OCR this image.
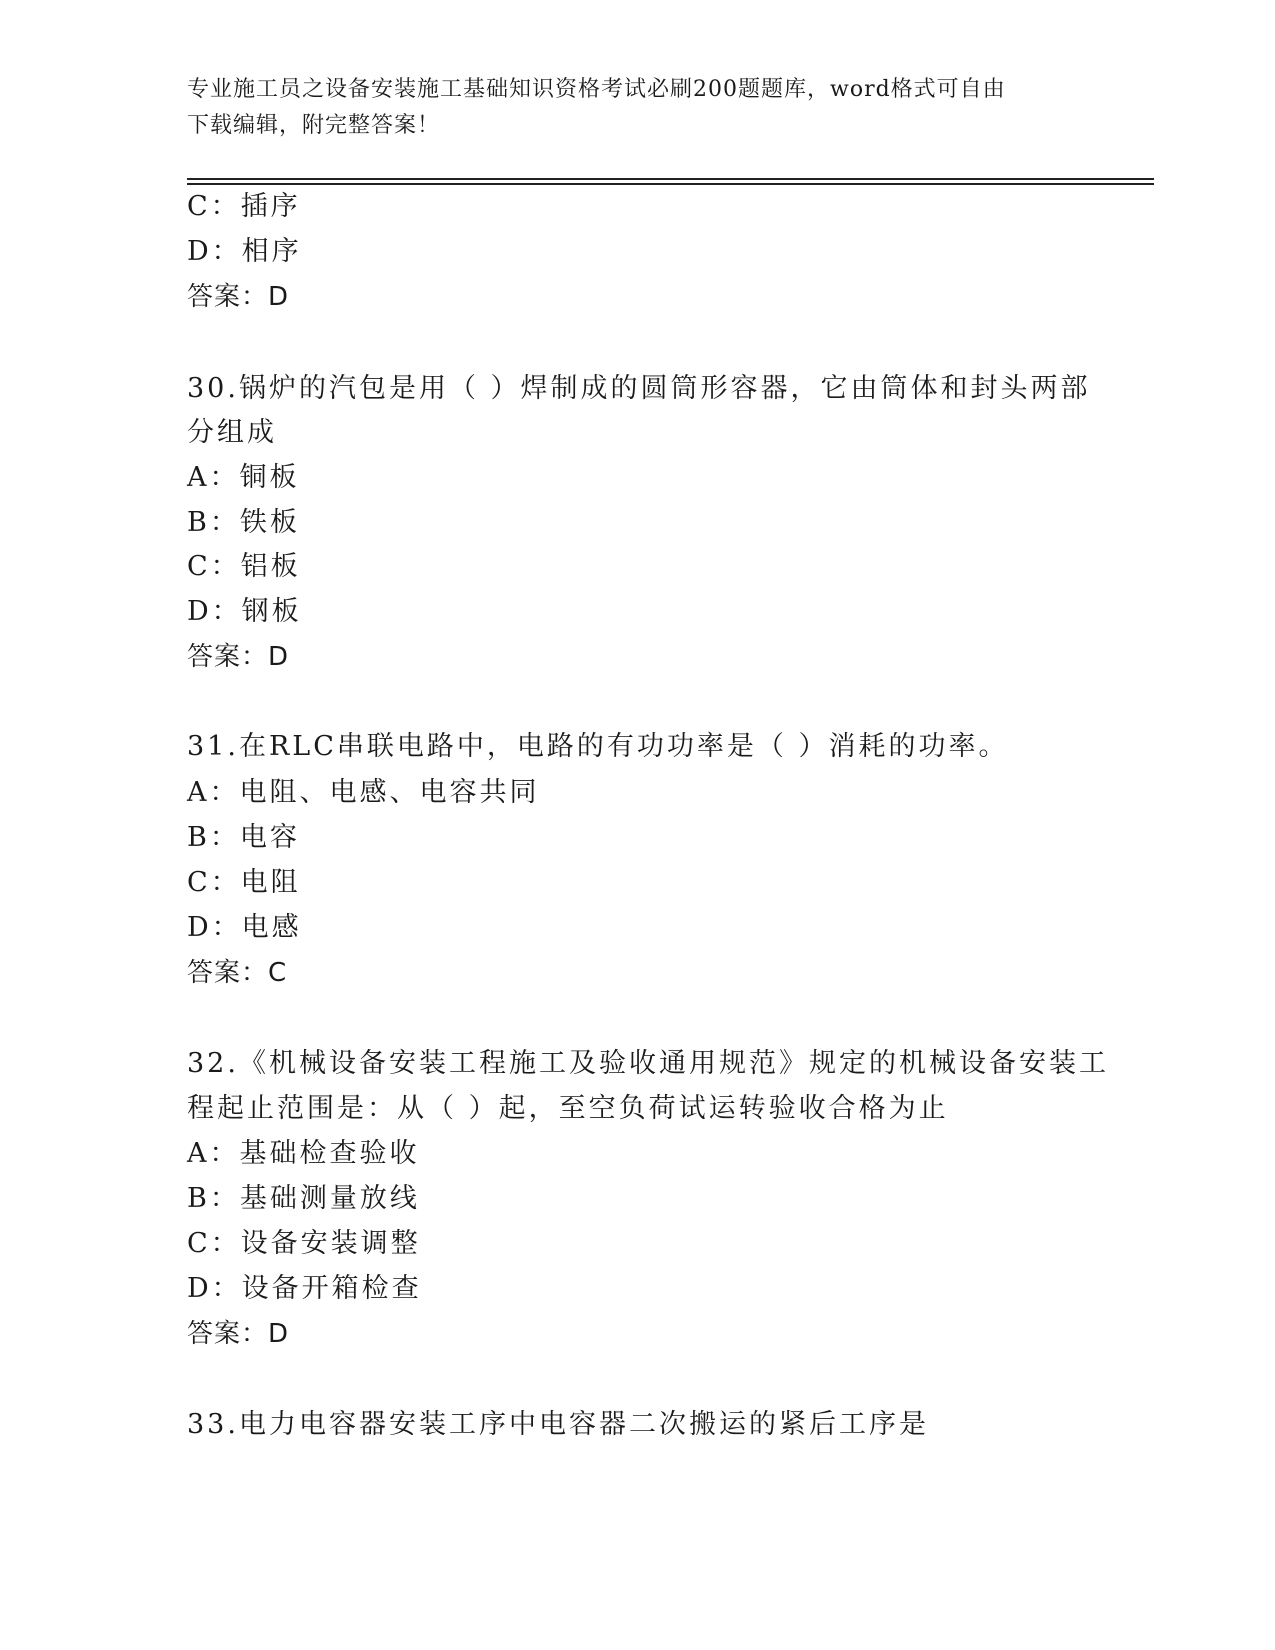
专业施工员之设备安装施工基础知识资格考试必刷200题题库，word格式可自由
下载编辑，附完整答案！
C：插序
D：相序
答案：D
30.锅炉的汽包是用（ ）焊制成的圆筒形容器，它由筒体和封头两部
分组成
A：铜板
B：铁板
C：铝板
D：钢板
答案：D
31.在RLC串联电路中，电路的有功功率是（ ）消耗的功率。
A：电阻、电感、电容共同
B：电容
C：电阻
D：电感
答案：C
32.《机械设备安装工程施工及验收通用规范》规定的机械设备安装工
程起止范围是：从（ ）起，至空负荷试运转验收合格为止
A：基础检查验收
B：基础测量放线
C：设备安装调整
D：设备开箱检查
答案：D
33.电力电容器安装工序中电容器二次搬运的紧后工序是
